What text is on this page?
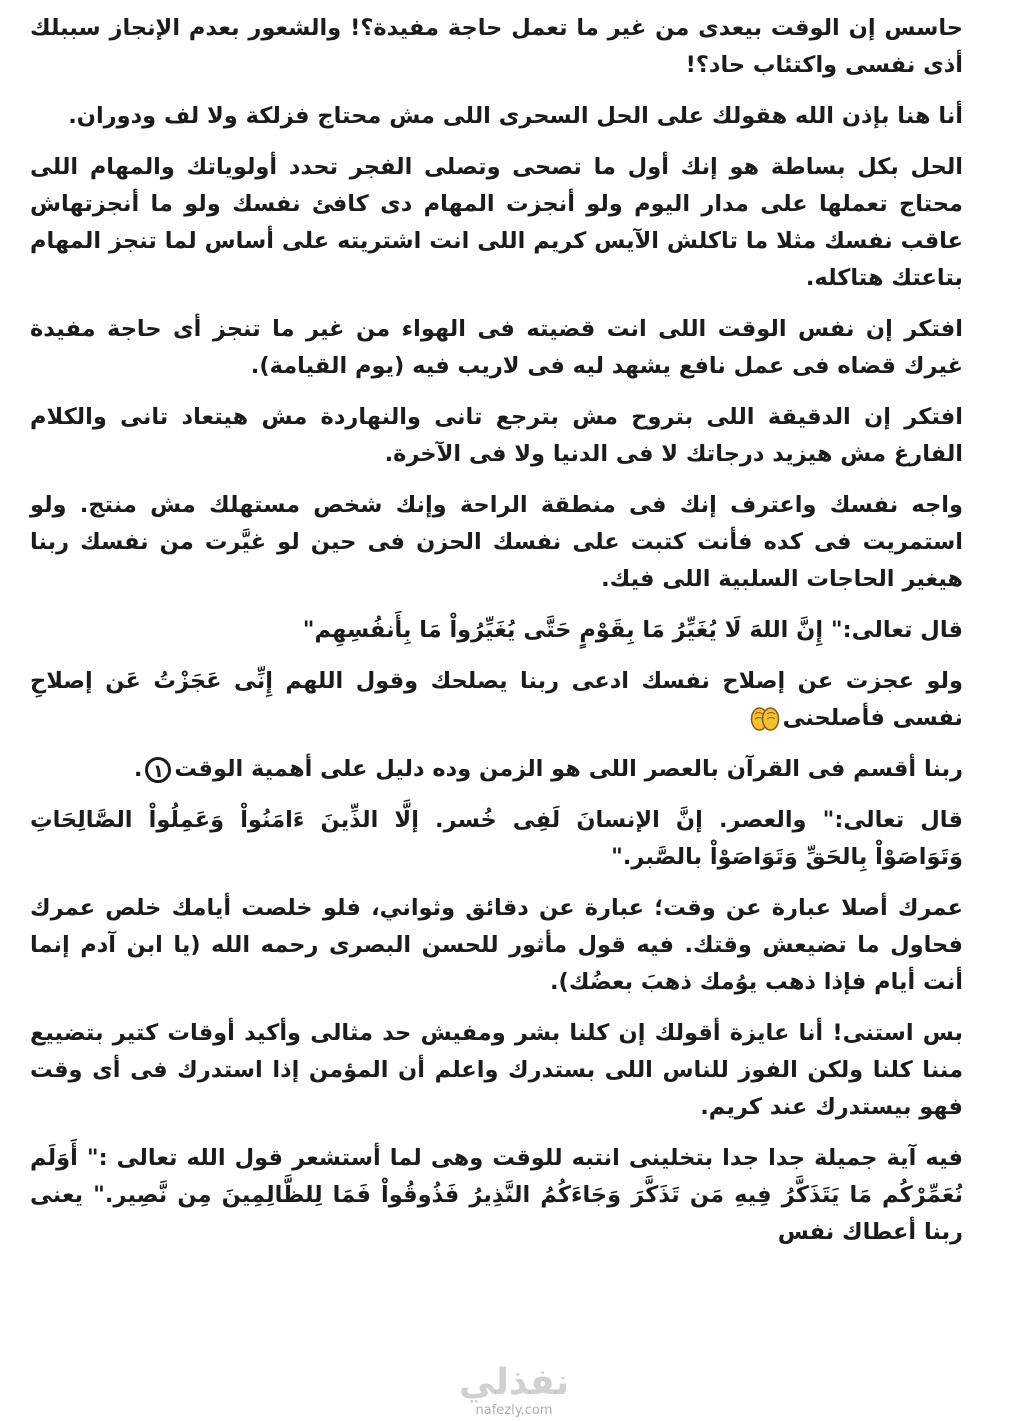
حاسس إن الوقت بيعدى من غير ما تعمل حاجة مفيدة؟! والشعور بعدم الإنجاز سببلك أذى نفسى واكتئاب حاد؟!

أنا هنا بإذن الله هقولك على الحل السحرى اللى مش محتاج فزلكة ولا لف ودوران.

الحل بكل بساطة هو إنك أول ما تصحى وتصلى الفجر تحدد أولوياتك والمهام اللى محتاج تعملها على مدار اليوم ولو أنجزت المهام دى كافئ نفسك ولو ما أنجزتهاش عاقب نفسك مثلا ما تاكلش الآيس كريم اللى انت اشتريته على أساس لما تنجز المهام بتاعتك هتاكله.

افتكر إن نفس الوقت اللى انت قضيته فى الهواء من غير ما تنجز أى حاجة مفيدة غيرك قضاه فى عمل نافع يشهد ليه فى لاريب فيه (يوم القيامة).

افتكر إن الدقيقة اللى بتروح مش بترجع تانى والنهاردة مش هيتعاد تانى والكلام الفارغ مش هيزيد درجاتك لا فى الدنيا ولا فى الآخرة.

واجه نفسك واعترف إنك فى منطقة الراحة وإنك شخص مستهلك مش منتج. ولو استمريت فى كده فأنت كتبت على نفسك الحزن فى حين لو غيَّرت من نفسك ربنا هيغير الحاجات السلبية اللى فيك.

قال تعالى:" إِنَّ اللهَ لَا يُغَيِّرُ مَا بِقَوْمٍ حَتَّى يُغَيِّرُواْ مَا بِأَنفُسِهِم"

ولو عجزت عن إصلاح نفسك ادعى ربنا يصلحك وقول اللهم إِنِّى عَجَزْتُ عَن إصلاحِ نفسى فأصلحنى

ربنا أقسم فى القرآن بالعصر اللى هو الزمن وده دليل على أهمية الوقت١.

قال تعالى:" والعصر. إنَّ الإنسانَ لَفِى خُسر. إلَّا الذِّينَ ءَامَنُواْ وَعَمِلُواْ الصَّالِحَاتِ وَتَوَاصَوْاْ بِالحَقِّ وَتَوَاصَوْاْ بالصَّبر."

عمرك أصلا عبارة عن وقت؛ عبارة عن دقائق وثواني، فلو خلصت أيامك خلص عمرك فحاول ما تضيعش وقتك. فيه قول مأثور للحسن البصرى رحمه الله (يا ابن آدم إنما أنت أيام فإذا ذهب يوُمك ذهبَ بعضُك).

بس استنى! أنا عايزة أقولك إن كلنا بشر ومفيش حد مثالى وأكيد أوقات كتير بتضييع مننا كلنا ولكن الفوز للناس اللى بستدرك واعلم أن المؤمن إذا استدرك فى أى وقت فهو بيستدرك عند كريم.

فيه آية جميلة جدا جدا بتخلينى انتبه للوقت وهى لما أستشعر قول الله تعالى :" أَوَلَم نُعَمِّرْكُم مَا يَتَذَكَّرُ فِيهِ مَن تَذَكَّرَ وَجَاءَكُمُ النَّذِيرُ فَذُوقُواْ فَمَا لِلظَّالِمِينَ مِن نَّصِير." يعنى ربنا أعطاك نفس

نفذلي
nafezly.com
